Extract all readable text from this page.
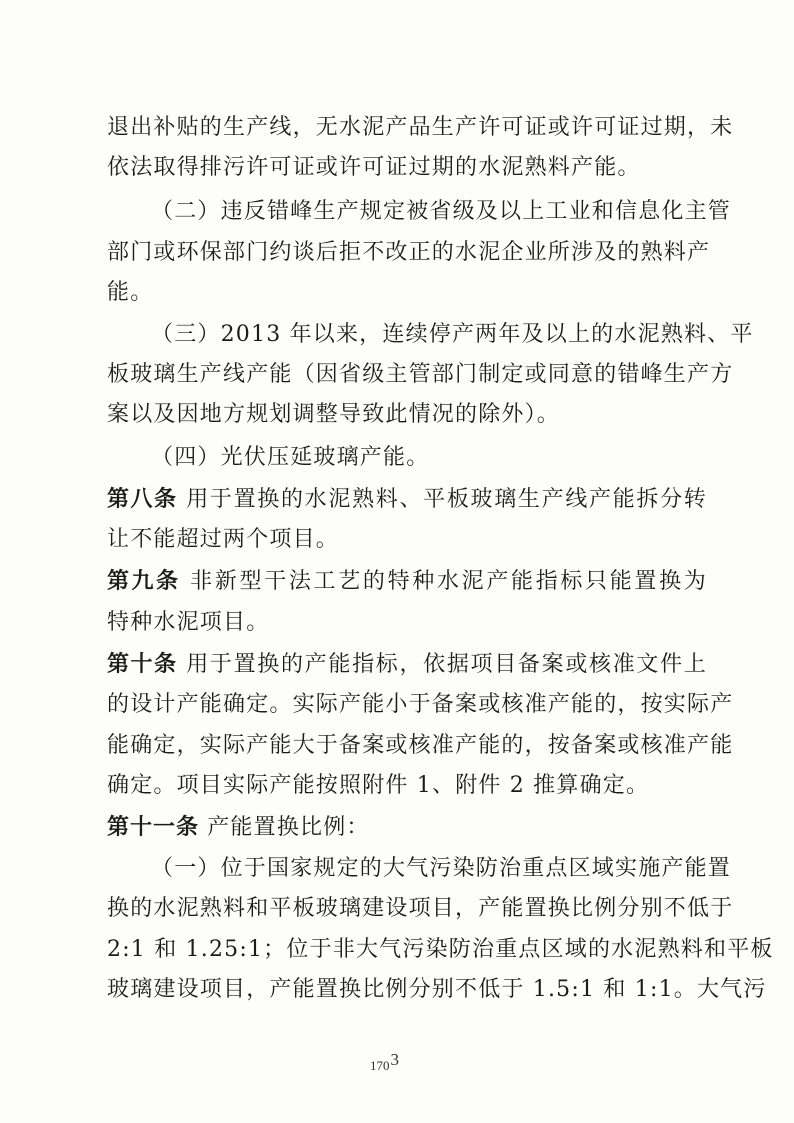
退出补贴的生产线，无水泥产品生产许可证或许可证过期，未
依法取得排污许可证或许可证过期的水泥熟料产能。
（二）违反错峰生产规定被省级及以上工业和信息化主管
部门或环保部门约谈后拒不改正的水泥企业所涉及的熟料产
能。
（三）2013 年以来，连续停产两年及以上的水泥熟料、平
板玻璃生产线产能（因省级主管部门制定或同意的错峰生产方
案以及因地方规划调整导致此情况的除外）。
（四）光伏压延玻璃产能。
第八条 用于置换的水泥熟料、平板玻璃生产线产能拆分转
让不能超过两个项目。
第九条 非新型干法工艺的特种水泥产能指标只能置换为
特种水泥项目。
第十条 用于置换的产能指标，依据项目备案或核准文件上
的设计产能确定。实际产能小于备案或核准产能的，按实际产
能确定，实际产能大于备案或核准产能的，按备案或核准产能
确定。项目实际产能按照附件 1、附件 2 推算确定。
第十一条 产能置换比例：
（一）位于国家规定的大气污染防治重点区域实施产能置
换的水泥熟料和平板玻璃建设项目，产能置换比例分别不低于
2:1 和 1.25:1；位于非大气污染防治重点区域的水泥熟料和平板
玻璃建设项目，产能置换比例分别不低于 1.5:1 和 1:1。大气污
1703
